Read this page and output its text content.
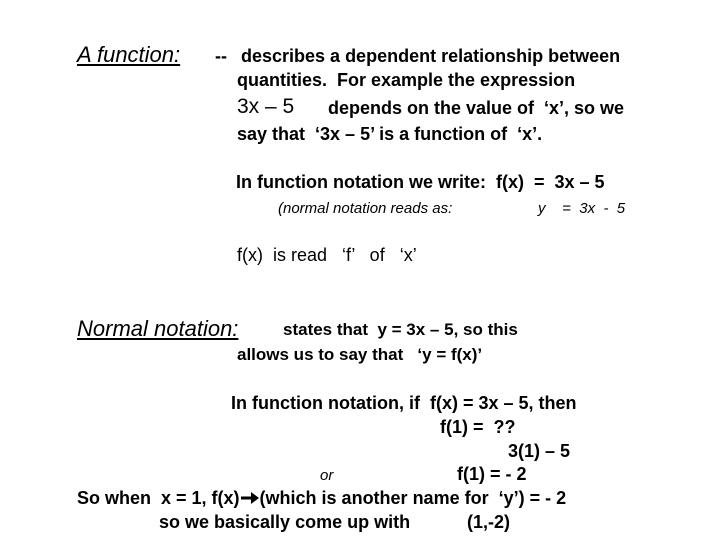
A function: -- describes a dependent relationship between
quantities.  For example the expression
3x – 5 depends on the value of  ‘x’, so we
say that  ‘3x – 5’ is a function of  ‘x’.
In function notation we write:  f(x)  =  3x – 5
(normal notation reads as:	y    =  3x  -  5
f(x)  is read   ‘f’   of   ‘x’
Normal notation:	states that  y = 3x – 5, so this
allows us to say that   ‘y = f(x)’
In function notation, if  f(x) = 3x – 5, then
f(1) =  ??
3(1) – 5
or	f(1) = - 2
So when  x = 1, f(x) (which is another name for  ‘y’) = - 2
so we basically come up with	(1,-2)
